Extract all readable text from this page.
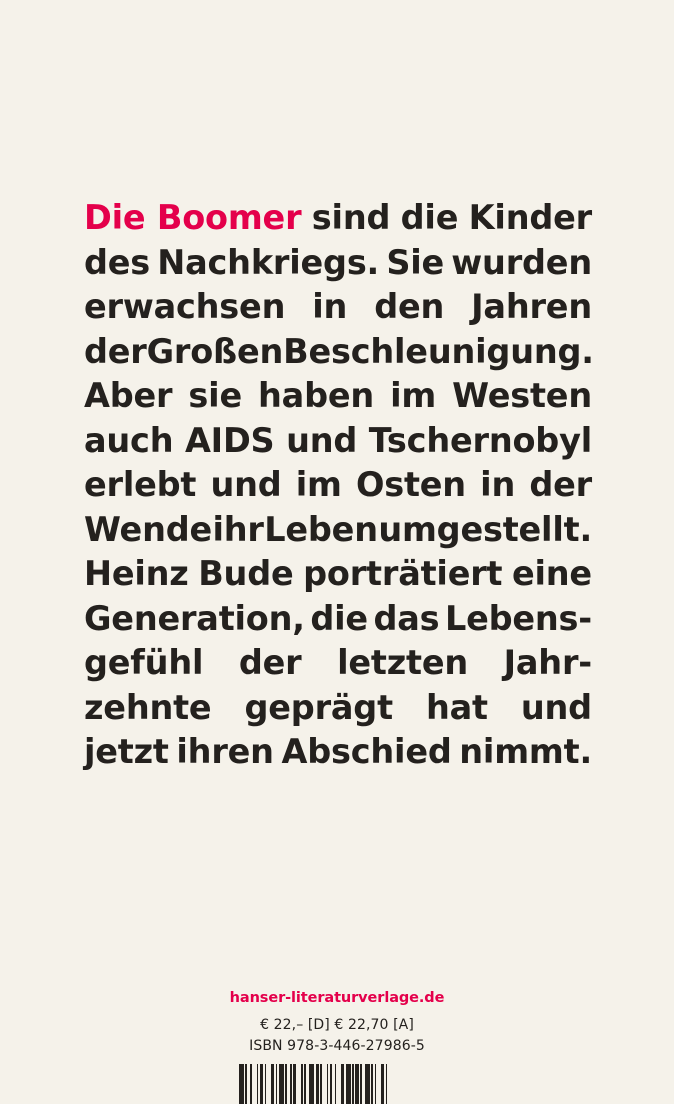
Die Boomer sind die Kinder
des Nachkriegs. Sie wurden
erwachsen in den Jahren
der Großen Beschleunigung.
Aber sie haben im Westen
auch AIDS und Tschernobyl
erlebt und im Osten in der
Wende ihr Leben umgestellt.
Heinz Bude porträtiert eine
Generation, die das Lebens-
gefühl der letzten Jahr-
zehnte geprägt hat und
jetzt ihren Abschied nimmt.
hanser-literaturverlage.de
€ 22,– [D] € 22,70 [A]
ISBN 978-3-446-27986-5
